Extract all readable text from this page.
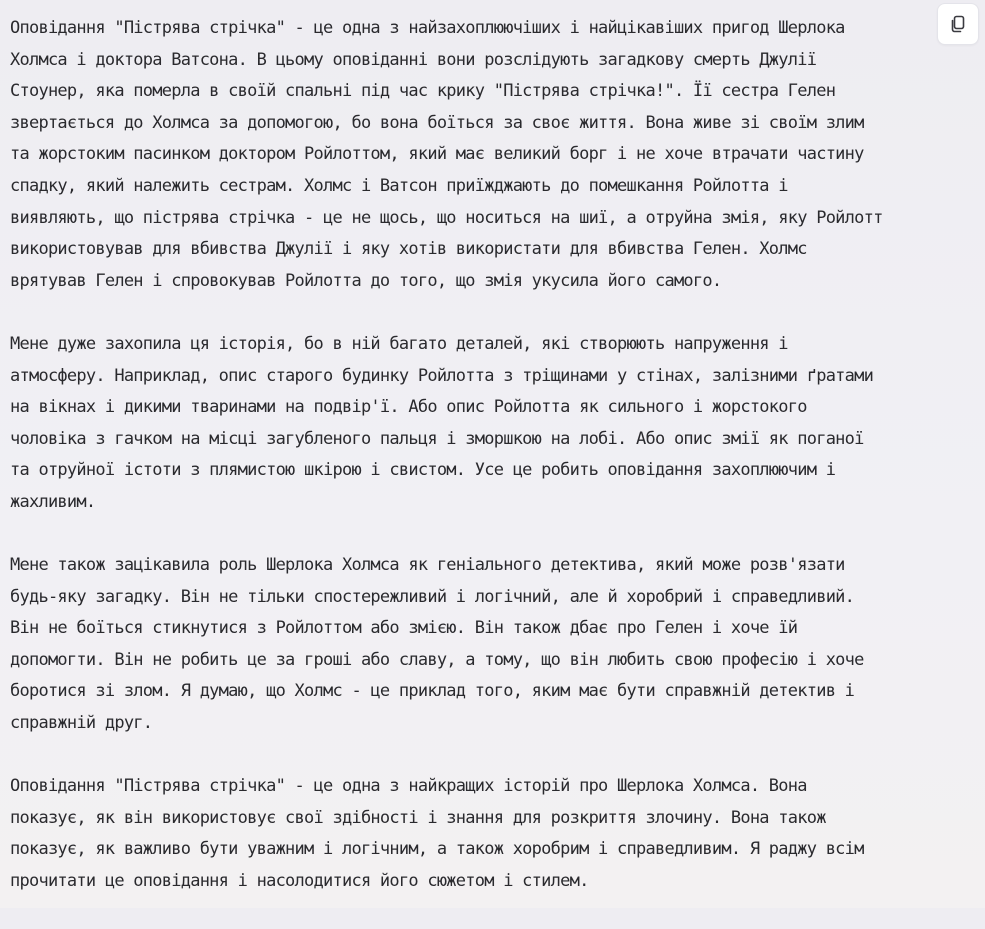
Оповідання "Пістрява стрічка" - це одна з найзахоплюючіших і найцікавіших пригод Шерлока
Холмса і доктора Ватсона. В цьому оповіданні вони розслідують загадкову смерть Джулії
Стоунер, яка померла в своїй спальні під час крику "Пістрява стрічка!". Її сестра Гелен
звертається до Холмса за допомогою, бо вона боїться за своє життя. Вона живе зі своїм злим
та жорстоким пасинком доктором Ройлоттом, який має великий борг і не хоче втрачати частину
спадку, який належить сестрам. Холмс і Ватсон приїжджають до помешкання Ройлотта і
виявляють, що пістрява стрічка - це не щось, що носиться на шиї, а отруйна змія, яку Ройлотт
використовував для вбивства Джулії і яку хотів використати для вбивства Гелен. Холмс
врятував Гелен і спровокував Ройлотта до того, що змія укусила його самого.
Мене дуже захопила ця історія, бо в ній багато деталей, які створюють напруження і
атмосферу. Наприклад, опис старого будинку Ройлотта з тріщинами у стінах, залізними ґратами
на вікнах і дикими тваринами на подвір'ї. Або опис Ройлотта як сильного і жорстокого
чоловіка з гачком на місці загубленого пальця і зморшкою на лобі. Або опис змії як поганої
та отруйної істоти з плямистою шкірою і свистом. Усе це робить оповідання захоплюючим і
жахливим.
Мене також зацікавила роль Шерлока Холмса як геніального детектива, який може розв'язати
будь-яку загадку. Він не тільки спостережливий і логічний, але й хоробрий і справедливий.
Він не боїться стикнутися з Ройлоттом або змією. Він також дбає про Гелен і хоче їй
допомогти. Він не робить це за гроші або славу, а тому, що він любить свою професію і хоче
боротися зі злом. Я думаю, що Холмс - це приклад того, яким має бути справжній детектив і
справжній друг.
Оповідання "Пістрява стрічка" - це одна з найкращих історій про Шерлока Холмса. Вона
показує, як він використовує свої здібності і знання для розкриття злочину. Вона також
показує, як важливо бути уважним і логічним, а також хоробрим і справедливим. Я раджу всім
прочитати це оповідання і насолодитися його сюжетом і стилем.
